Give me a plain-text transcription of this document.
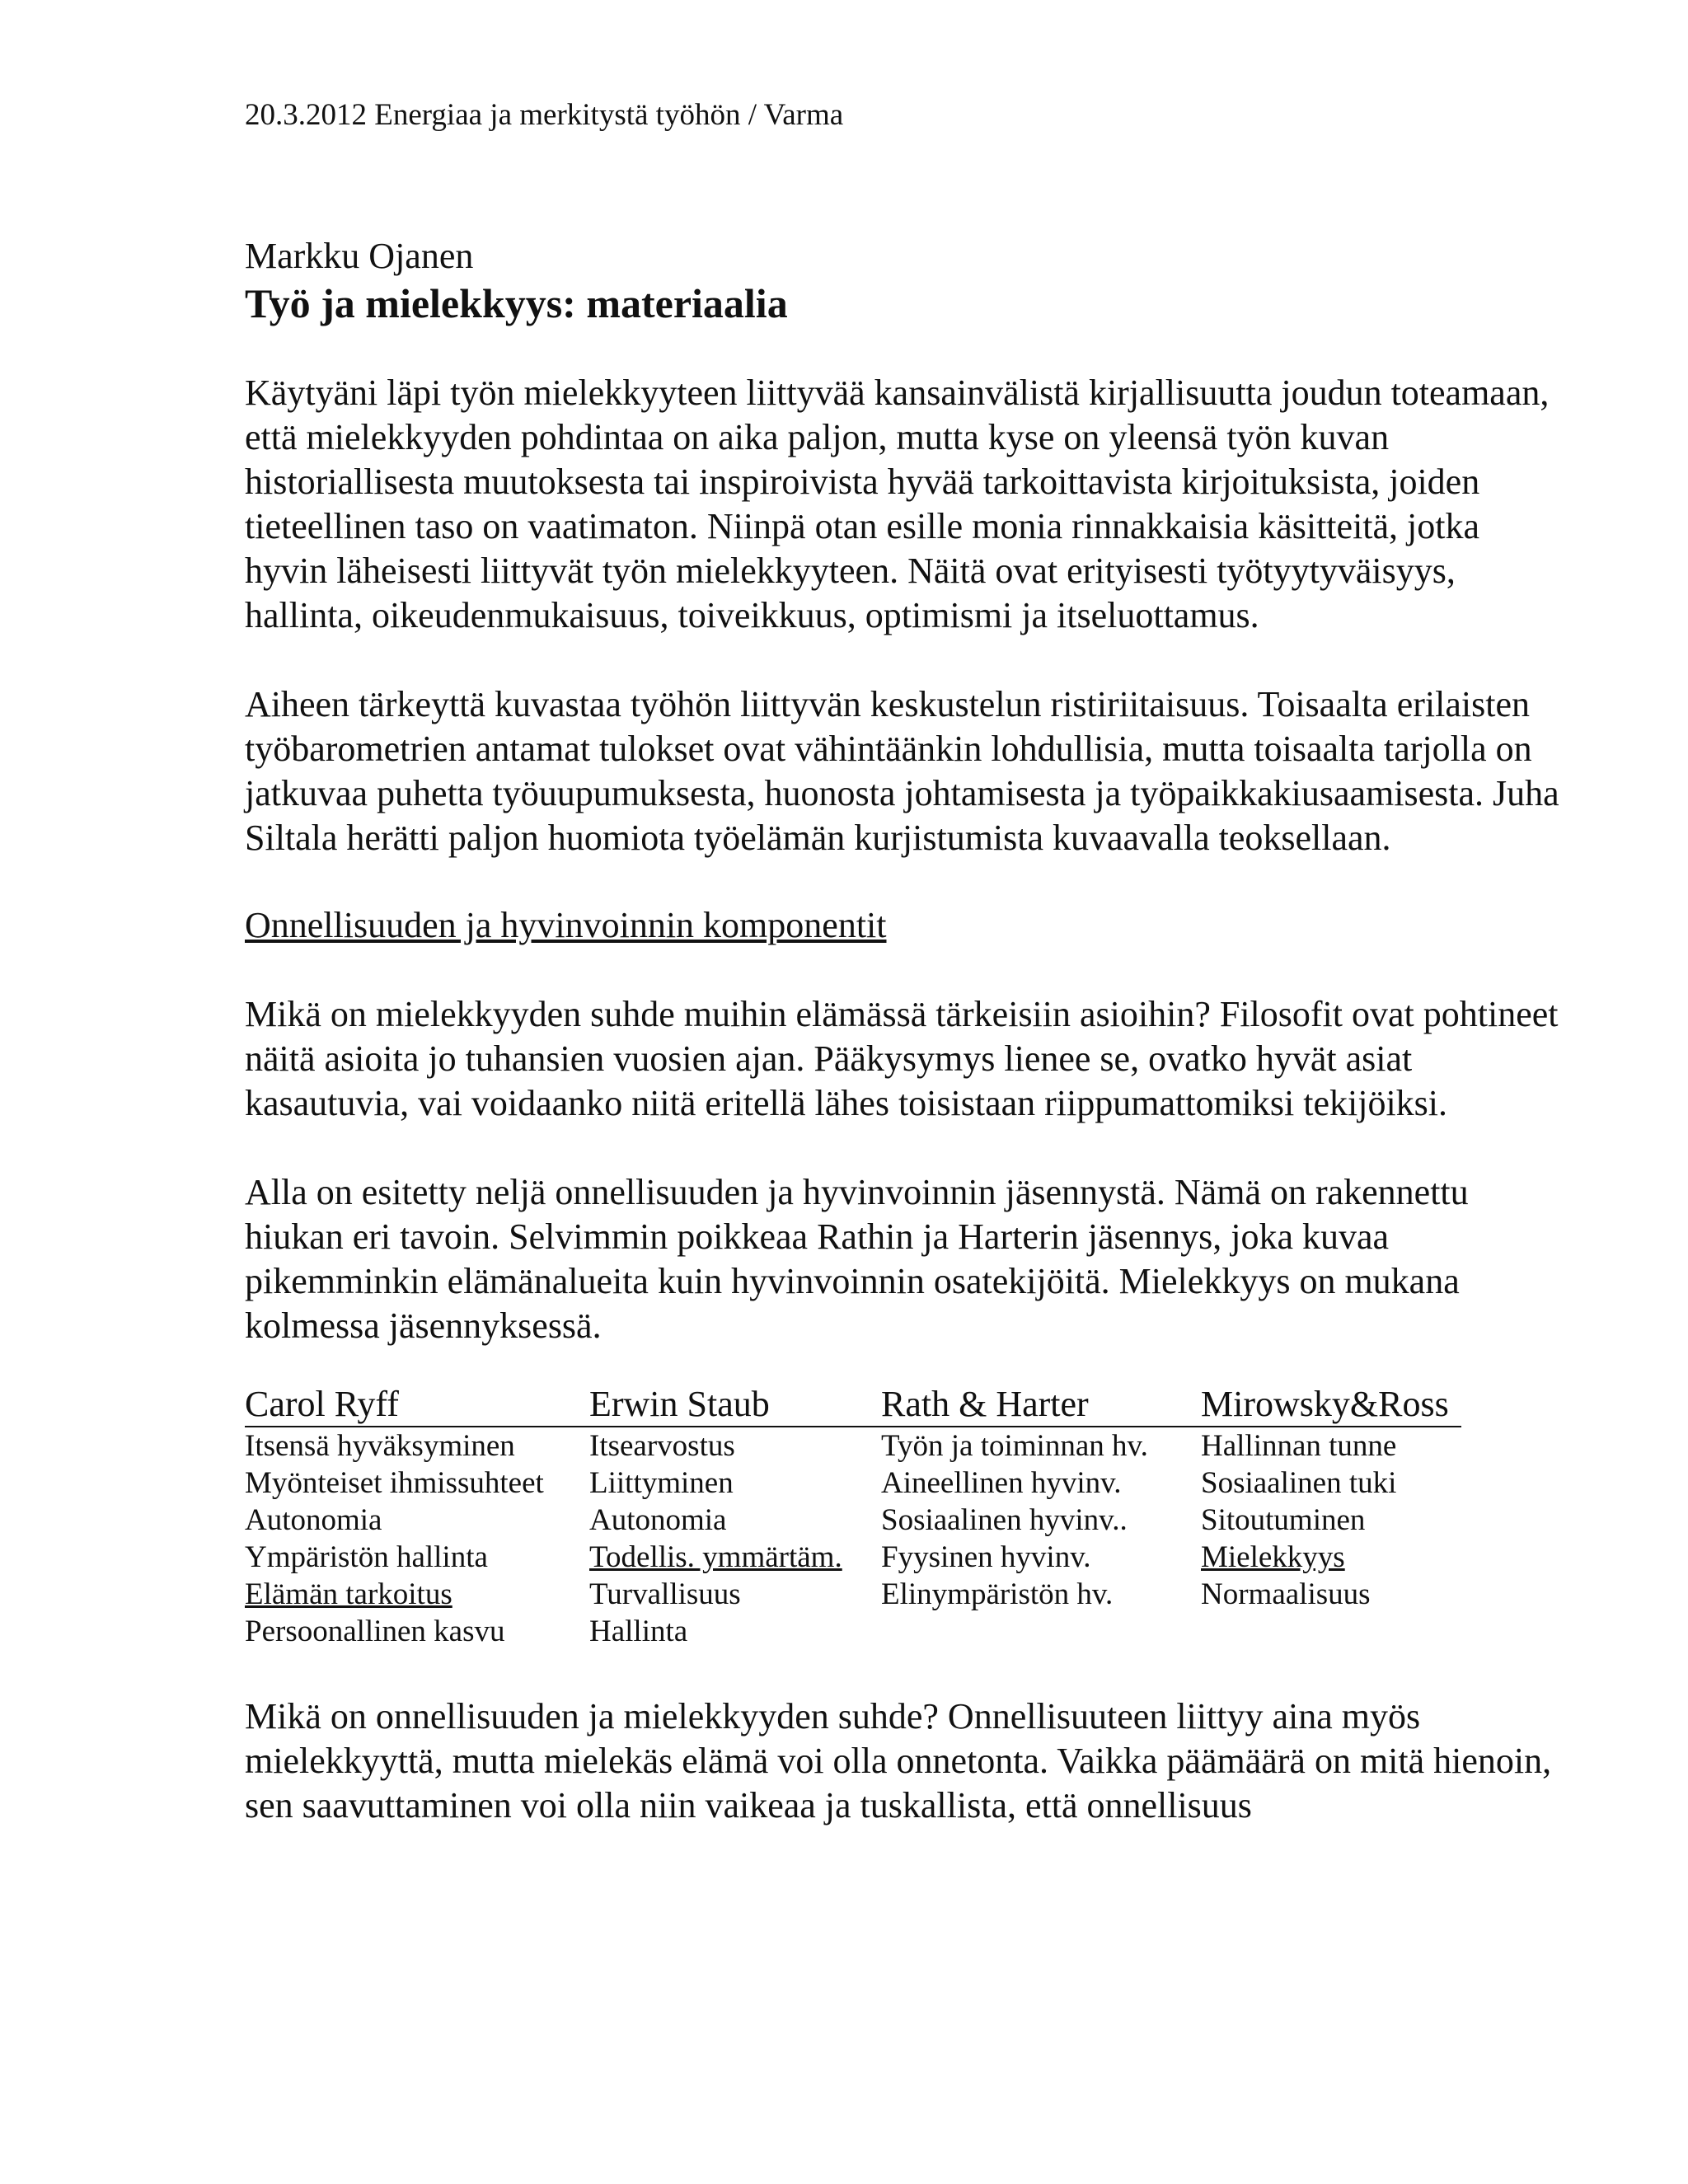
20.3.2012 Energiaa ja merkitystä työhön / Varma

Markku Ojanen

Työ ja mielekkyys: materiaalia

Käytyäni läpi työn mielekkyyteen liittyvää kansainvälistä kirjallisuutta joudun toteamaan, että mielekkyyden pohdintaa on aika paljon, mutta kyse on yleensä työn kuvan historiallisesta muutoksesta tai inspiroivista hyvää tarkoittavista kirjoituksista, joiden tieteellinen taso on vaatimaton. Niinpä otan esille monia rinnakkaisia käsitteitä, jotka hyvin läheisesti liittyvät työn mielekkyyteen. Näitä ovat erityisesti työtyytyväisyys, hallinta, oikeudenmukaisuus, toiveikkuus, optimismi ja itseluottamus.

Aiheen tärkeyttä kuvastaa työhön liittyvän keskustelun ristiriitaisuus. Toisaalta erilaisten työbarometrien antamat tulokset ovat vähintäänkin lohdullisia, mutta toisaalta tarjolla on jatkuvaa puhetta työuupumuksesta, huonosta johtamisesta ja työpaikkakiusaamisesta. Juha Siltala herätti paljon huomiota työelämän kurjistumista kuvaavalla teoksellaan.

Onnellisuuden ja hyvinvoinnin komponentit

Mikä on mielekkyyden suhde muihin elämässä tärkeisiin asioihin? Filosofit ovat pohtineet näitä asioita jo tuhansien vuosien ajan. Pääkysymys lienee se, ovatko hyvät asiat kasautuvia, vai voidaanko niitä eritellä lähes toisistaan riippumattomiksi tekijöiksi.

Alla on esitetty neljä onnellisuuden ja hyvinvoinnin jäsennystä. Nämä on rakennettu hiukan eri tavoin. Selvimmin poikkeaa Rathin ja Harterin jäsennys, joka kuvaa pikemminkin elämänalueita kuin hyvinvoinnin osatekijöitä. Mielekkyys on mukana kolmessa jäsennyksessä.

Carol Ryff	Erwin Staub	Rath & Harter	Mirowsky&Ross
Itsensä hyväksyminen	Itsearvostus	Työn ja toiminnan hv.	Hallinnan tunne
Myönteiset ihmissuhteet	Liittyminen	Aineellinen hyvinv.	Sosiaalinen tuki
Autonomia	Autonomia	Sosiaalinen hyvinv..	Sitoutuminen
Ympäristön hallinta	Todellis. ymmärtäm.	Fyysinen hyvinv.	Mielekkyys
Elämän tarkoitus	Turvallisuus	Elinympäristön hv.	Normaalisuus
Persoonallinen kasvu	Hallinta

Mikä on onnellisuuden ja mielekkyyden suhde? Onnellisuuteen liittyy aina myös mielekkyyttä, mutta mielekäs elämä voi olla onnetonta. Vaikka päämäärä on mitä hienoin, sen saavuttaminen voi olla niin vaikeaa ja tuskallista, että onnellisuus
